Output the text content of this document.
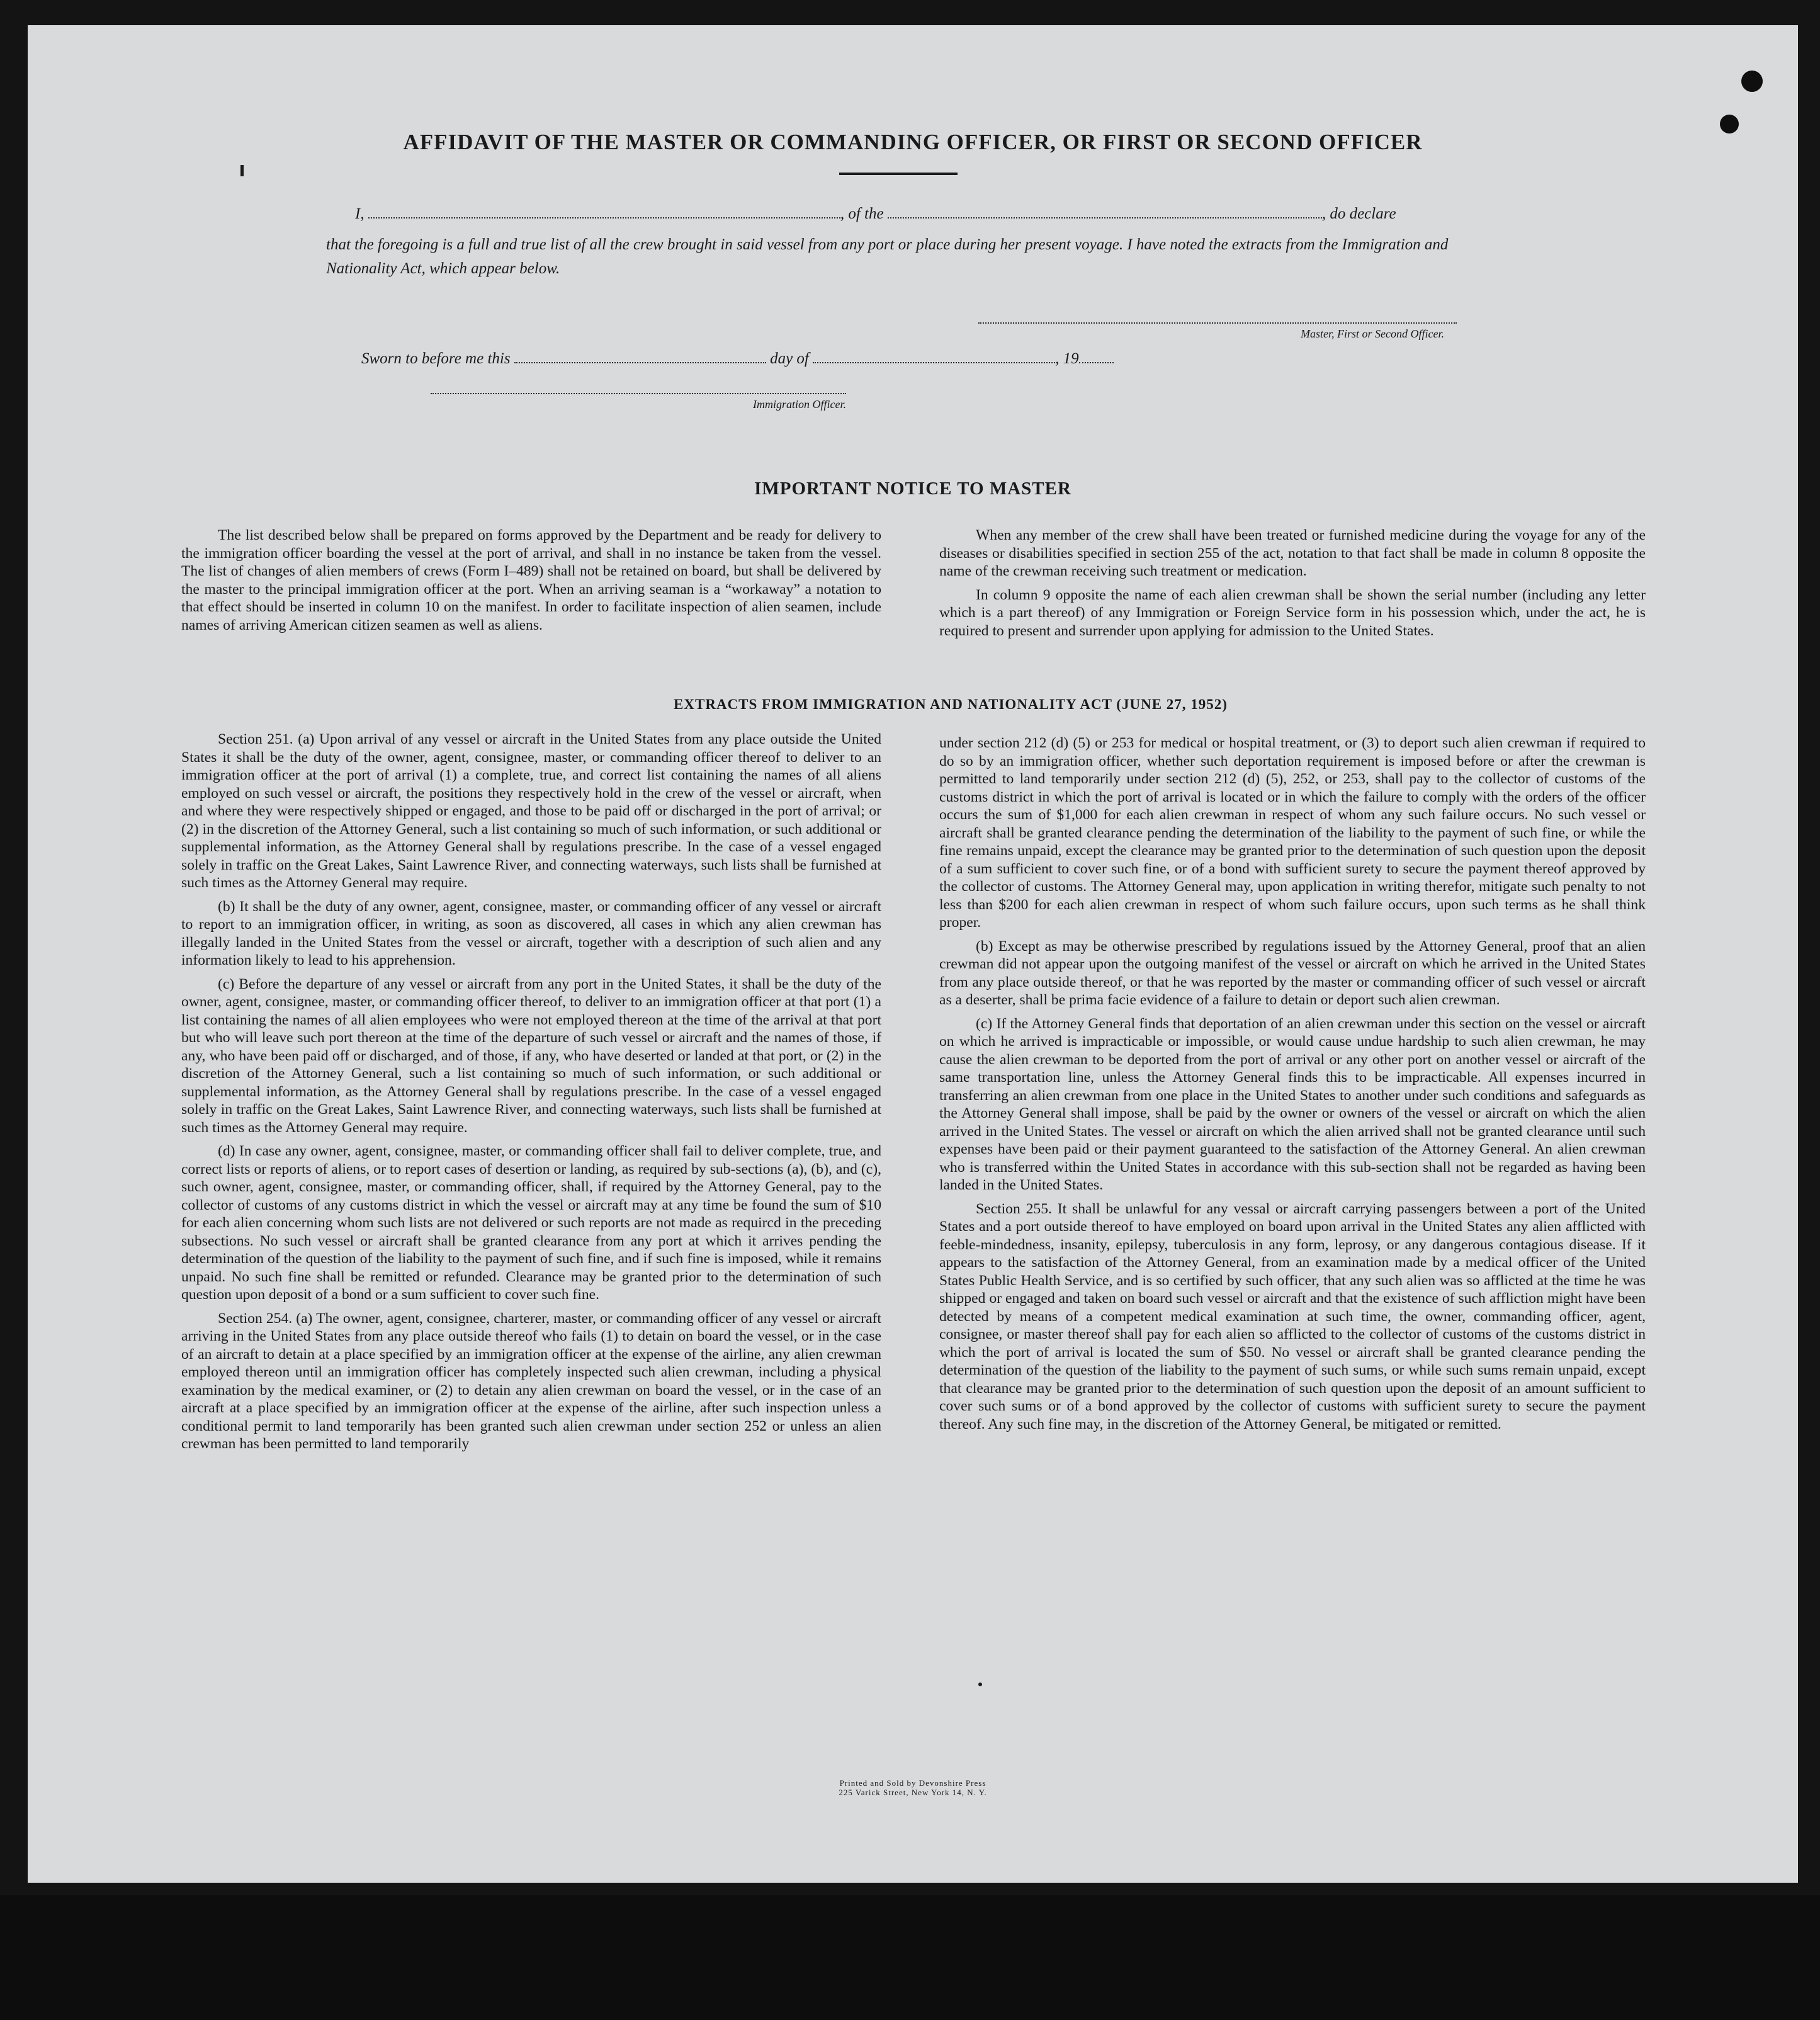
AFFIDAVIT OF THE MASTER OR COMMANDING OFFICER, OR FIRST OR SECOND OFFICER
I,	, of the	, do declare
that the foregoing is a full and true list of all the crew brought in said vessel from any port or place during her present voyage. I have noted the extracts from the Immigration and Nationality Act, which appear below.
Master, First or Second Officer.
Sworn to before me this	day of	, 19
Immigration Officer.
IMPORTANT NOTICE TO MASTER

The list described below shall be prepared on forms approved by the Department and be ready for delivery to the immigration officer boarding the vessel at the port of arrival, and shall in no instance be taken from the vessel. The list of changes of alien members of crews (Form I–489) shall not be retained on board, but shall be delivered by the master to the principal immigration officer at the port. When an arriving seaman is a “workaway” a notation to that effect should be inserted in column 10 on the manifest. In order to facilitate inspection of alien seamen, include names of arriving American citizen seamen as well as aliens.

When any member of the crew shall have been treated or furnished medicine during the voyage for any of the diseases or disabilities specified in section 255 of the act, notation to that fact shall be made in column 8 opposite the name of the crewman receiving such treatment or medication.

In column 9 opposite the name of each alien crewman shall be shown the serial number (including any letter which is a part thereof) of any Immigration or Foreign Service form in his possession which, under the act, he is required to present and surrender upon applying for admission to the United States.

EXTRACTS FROM IMMIGRATION AND NATIONALITY ACT (JUNE 27, 1952)

Section 251. (a) Upon arrival of any vessel or aircraft in the United States from any place outside the United States it shall be the duty of the owner, agent, consignee, master, or commanding officer thereof to deliver to an immigration officer at the port of arrival (1) a complete, true, and correct list containing the names of all aliens employed on such vessel or aircraft, the positions they respectively hold in the crew of the vessel or aircraft, when and where they were respectively shipped or engaged, and those to be paid off or discharged in the port of arrival; or (2) in the discretion of the Attorney General, such a list containing so much of such information, or such additional or supplemental information, as the Attorney General shall by regulations prescribe. In the case of a vessel engaged solely in traffic on the Great Lakes, Saint Lawrence River, and connecting waterways, such lists shall be furnished at such times as the Attorney General may require.

(b) It shall be the duty of any owner, agent, consignee, master, or commanding officer of any vessel or aircraft to report to an immigration officer, in writing, as soon as discovered, all cases in which any alien crewman has illegally landed in the United States from the vessel or aircraft, together with a description of such alien and any information likely to lead to his apprehension.

(c) Before the departure of any vessel or aircraft from any port in the United States, it shall be the duty of the owner, agent, consignee, master, or commanding officer thereof, to deliver to an immigration officer at that port (1) a list containing the names of all alien employees who were not employed thereon at the time of the arrival at that port but who will leave such port thereon at the time of the departure of such vessel or aircraft and the names of those, if any, who have been paid off or discharged, and of those, if any, who have deserted or landed at that port, or (2) in the discretion of the Attorney General, such a list containing so much of such information, or such additional or supplemental information, as the Attorney General shall by regulations prescribe. In the case of a vessel engaged solely in traffic on the Great Lakes, Saint Lawrence River, and connecting waterways, such lists shall be furnished at such times as the Attorney General may require.

(d) In case any owner, agent, consignee, master, or commanding officer shall fail to deliver complete, true, and correct lists or reports of aliens, or to report cases of desertion or landing, as required by sub-sections (a), (b), and (c), such owner, agent, consignee, master, or commanding officer, shall, if required by the Attorney General, pay to the collector of customs of any customs district in which the vessel or aircraft may at any time be found the sum of $10 for each alien concerning whom such lists are not delivered or such reports are not made as requircd in the preceding subsections. No such vessel or aircraft shall be granted clearance from any port at which it arrives pending the determination of the question of the liability to the payment of such fine, and if such fine is imposed, while it remains unpaid. No such fine shall be remitted or refunded. Clearance may be granted prior to the determination of such question upon deposit of a bond or a sum sufficient to cover such fine.

Section 254. (a) The owner, agent, consignee, charterer, master, or commanding officer of any vessel or aircraft arriving in the United States from any place outside thereof who fails (1) to detain on board the vessel, or in the case of an aircraft to detain at a place specified by an immigration officer at the expense of the airline, any alien crewman employed thereon until an immigration officer has completely inspected such alien crewman, including a physical examination by the medical examiner, or (2) to detain any alien crewman on board the vessel, or in the case of an aircraft at a place specified by an immigration officer at the expense of the airline, after such inspection unless a conditional permit to land temporarily has been granted such alien crewman under section 252 or unless an alien crewman has been permitted to land temporarily

under section 212 (d) (5) or 253 for medical or hospital treatment, or (3) to deport such alien crewman if required to do so by an immigration officer, whether such deportation requirement is imposed before or after the crewman is permitted to land temporarily under section 212 (d) (5), 252, or 253, shall pay to the collector of customs of the customs district in which the port of arrival is located or in which the failure to comply with the orders of the officer occurs the sum of $1,000 for each alien crewman in respect of whom any such failure occurs. No such vessel or aircraft shall be granted clearance pending the determination of the liability to the payment of such fine, or while the fine remains unpaid, except the clearance may be granted prior to the determination of such question upon the deposit of a sum sufficient to cover such fine, or of a bond with sufficient surety to secure the payment thereof approved by the collector of customs. The Attorney General may, upon application in writing therefor, mitigate such penalty to not less than $200 for each alien crewman in respect of whom such failure occurs, upon such terms as he shall think proper.

(b) Except as may be otherwise prescribed by regulations issued by the Attorney General, proof that an alien crewman did not appear upon the outgoing manifest of the vessel or aircraft on which he arrived in the United States from any place outside thereof, or that he was reported by the master or commanding officer of such vessel or aircraft as a deserter, shall be prima facie evidence of a failure to detain or deport such alien crewman.

(c) If the Attorney General finds that deportation of an alien crewman under this section on the vessel or aircraft on which he arrived is impracticable or impossible, or would cause undue hardship to such alien crewman, he may cause the alien crewman to be deported from the port of arrival or any other port on another vessel or aircraft of the same transportation line, unless the Attorney General finds this to be impracticable. All expenses incurred in transferring an alien crewman from one place in the United States to another under such conditions and safeguards as the Attorney General shall impose, shall be paid by the owner or owners of the vessel or aircraft on which the alien arrived in the United States. The vessel or aircraft on which the alien arrived shall not be granted clearance until such expenses have been paid or their payment guaranteed to the satisfaction of the Attorney General. An alien crewman who is transferred within the United States in accordance with this sub-section shall not be regarded as having been landed in the United States.

Section 255. It shall be unlawful for any vessal or aircraft carrying passengers between a port of the United States and a port outside thereof to have employed on board upon arrival in the United States any alien afflicted with feeble-mindedness, insanity, epilepsy, tuberculosis in any form, leprosy, or any dangerous contagious disease. If it appears to the satisfaction of the Attorney General, from an examination made by a medical officer of the United States Public Health Service, and is so certified by such officer, that any such alien was so afflicted at the time he was shipped or engaged and taken on board such vessel or aircraft and that the existence of such affliction might have been detected by means of a competent medical examination at such time, the owner, commanding officer, agent, consignee, or master thereof shall pay for each alien so afflicted to the collector of customs of the customs district in which the port of arrival is located the sum of $50. No vessel or aircraft shall be granted clearance pending the determination of the question of the liability to the payment of such sums, or while such sums remain unpaid, except that clearance may be granted prior to the determination of such question upon the deposit of an amount sufficient to cover such sums or of a bond approved by the collector of customs with sufficient surety to secure the payment thereof. Any such fine may, in the discretion of the Attorney General, be mitigated or remitted.

Printed and Sold by Devonshire Press
225 Varick Street, New York 14, N. Y.
